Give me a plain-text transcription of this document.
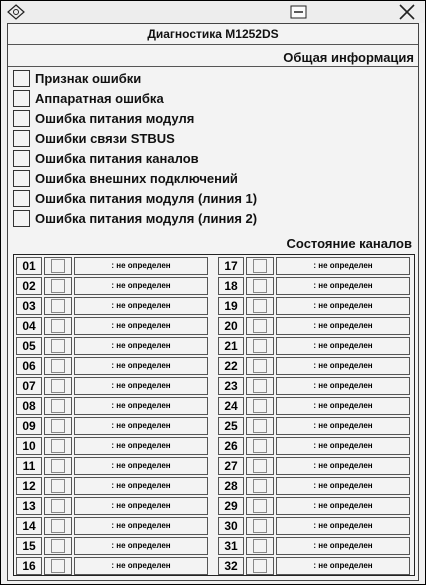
Диагностика M1252DS
Общая информация
Признак ошибки
Аппаратная ошибка
Ошибка питания модуля
Ошибки связи STBUS
Ошибка питания каналов
Ошибка внешних подключений
Ошибка питания модуля (линия 1)
Ошибка питания модуля (линия 2)
Состояние каналов
01	: не определен
02	: не определен
03	: не определен
04	: не определен
05	: не определен
06	: не определен
07	: не определен
08	: не определен
09	: не определен
10	: не определен
11	: не определен
12	: не определен
13	: не определен
14	: не определен
15	: не определен
16	: не определен
17	: не определен
18	: не определен
19	: не определен
20	: не определен
21	: не определен
22	: не определен
23	: не определен
24	: не определен
25	: не определен
26	: не определен
27	: не определен
28	: не определен
29	: не определен
30	: не определен
31	: не определен
32	: не определен
